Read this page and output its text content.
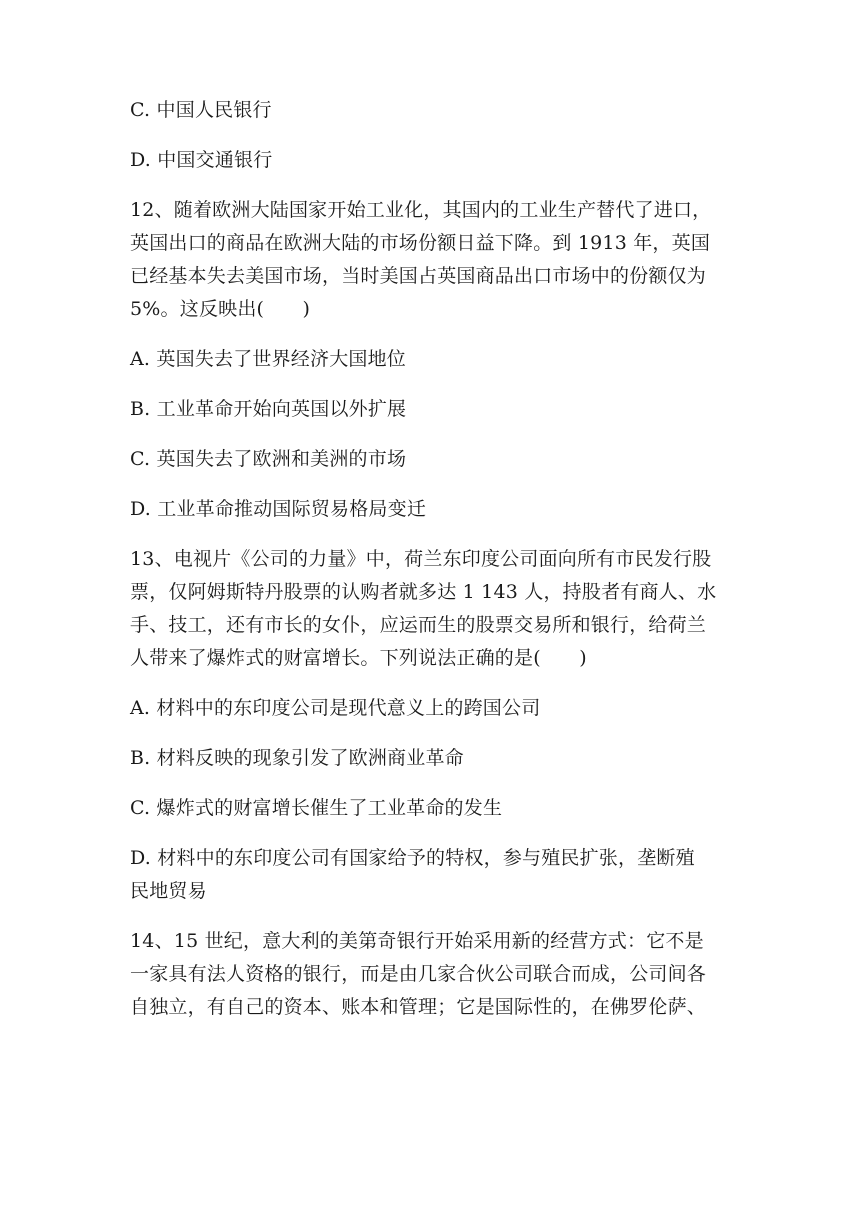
C. 中国人民银行

D. 中国交通银行

12、随着欧洲大陆国家开始工业化，其国内的工业生产替代了进口，

英国出口的商品在欧洲大陆的市场份额日益下降。到 1913 年，英国

已经基本失去美国市场，当时美国占英国商品出口市场中的份额仅为

5%。这反映出(　　)

A. 英国失去了世界经济大国地位

B. 工业革命开始向英国以外扩展

C. 英国失去了欧洲和美洲的市场

D. 工业革命推动国际贸易格局变迁

13、电视片《公司的力量》中，荷兰东印度公司面向所有市民发行股

票，仅阿姆斯特丹股票的认购者就多达 1 143 人，持股者有商人、水

手、技工，还有市长的女仆，应运而生的股票交易所和银行，给荷兰

人带来了爆炸式的财富增长。下列说法正确的是(　　)

A. 材料中的东印度公司是现代意义上的跨国公司

B. 材料反映的现象引发了欧洲商业革命

C. 爆炸式的财富增长催生了工业革命的发生

D. 材料中的东印度公司有国家给予的特权，参与殖民扩张，垄断殖

民地贸易

14、15 世纪，意大利的美第奇银行开始采用新的经营方式：它不是

一家具有法人资格的银行，而是由几家合伙公司联合而成，公司间各

自独立，有自己的资本、账本和管理；它是国际性的，在佛罗伦萨、
